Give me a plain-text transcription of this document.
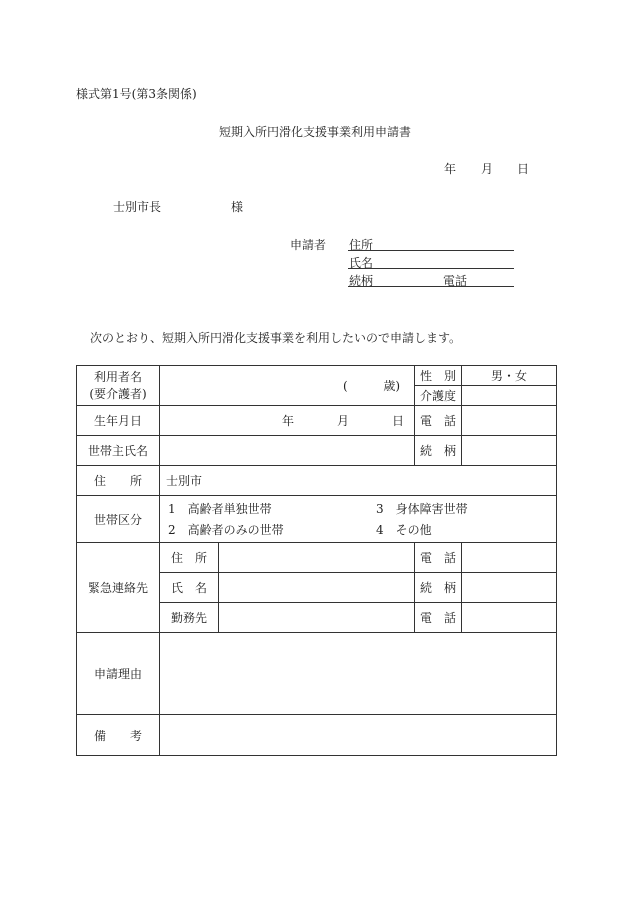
様式第1号(第3条関係)
短期入所円滑化支援事業利用申請書
年 月 日
士別市長	様
申請者 住所
氏名
続柄	電話
次のとおり、短期入所円滑化支援事業を利用したいので申請します。
利用者名
(要介護者)	( 歳)		性　別	男・女
			介護度	
生年月日	年 月 日		電　話	
世帯主氏名			続　柄	
住　　所	士別市			
世帯区分	1　高齢者単独世帯 3　身体障害世帯
2　高齢者のみの世帯 4　その他			

緊急連絡先	住　所		電　話	
	氏　名		続　柄	
	勤務先		電　話	
申請理由				
備　　考				
